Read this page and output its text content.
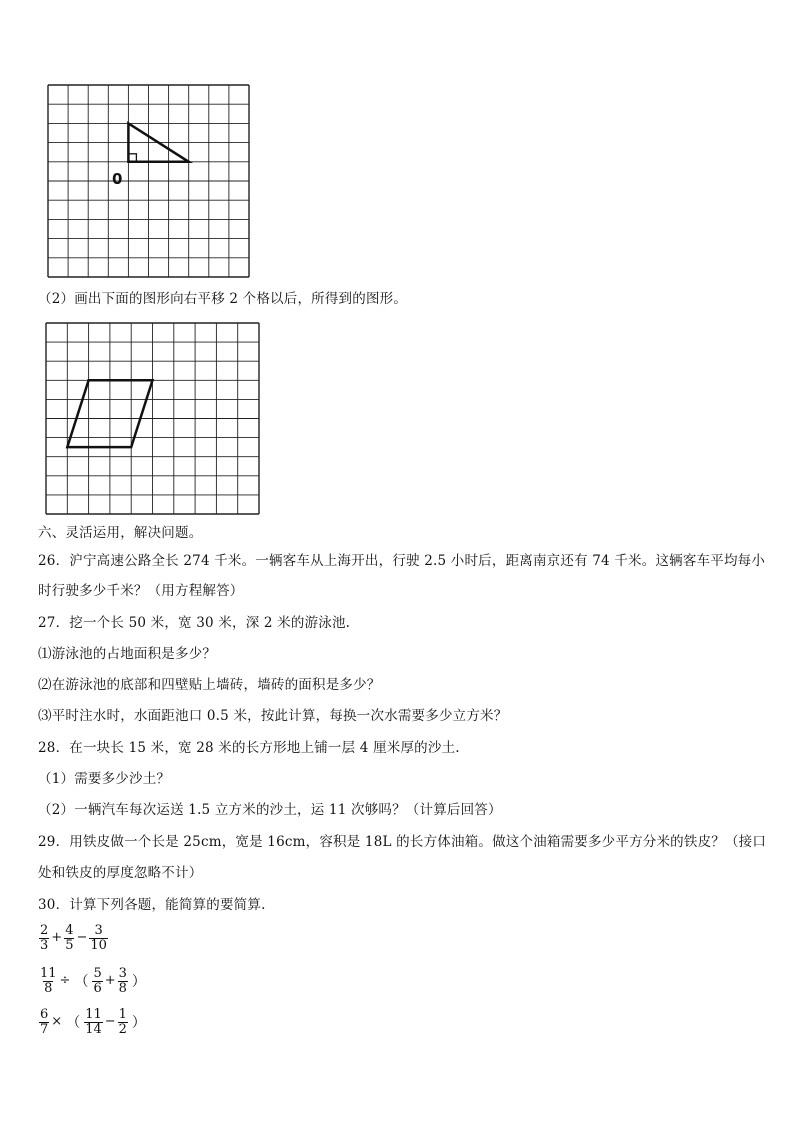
0
（2）画出下面的图形向右平移 2 个格以后，所得到的图形。
六、灵活运用，解决问题。
26．沪宁高速公路全长 274 千米。一辆客车从上海开出，行驶 2.5 小时后，距离南京还有 74 千米。这辆客车平均每小
时行驶多少千米？（用方程解答）
27．挖一个长 50 米，宽 30 米，深 2 米的游泳池.
⑴游泳池的占地面积是多少？
⑵在游泳池的底部和四壁贴上墙砖，墙砖的面积是多少？
⑶平时注水时，水面距池口 0.5 米，按此计算，每换一次水需要多少立方米？
28．在一块长 15 米，宽 28 米的长方形地上铺一层 4 厘米厚的沙土.
（1）需要多少沙土？
（2）一辆汽车每次运送 1.5 立方米的沙土，运 11 次够吗？（计算后回答）
29．用铁皮做一个长是 25cm，宽是 16cm，容积是 18L 的长方体油箱。做这个油箱需要多少平方分米的铁皮？（接口
处和铁皮的厚度忽略不计）
30．计算下列各题，能简算的要简算.
$\frac{2}{3} + \frac{4}{5} - \frac{3}{10}$
$\frac{11}{8}$ ÷ （ $\frac{5}{6} + \frac{3}{8}$ ）
$\frac{6}{7}$ × （ $\frac{11}{14} - \frac{1}{2}$ ）
